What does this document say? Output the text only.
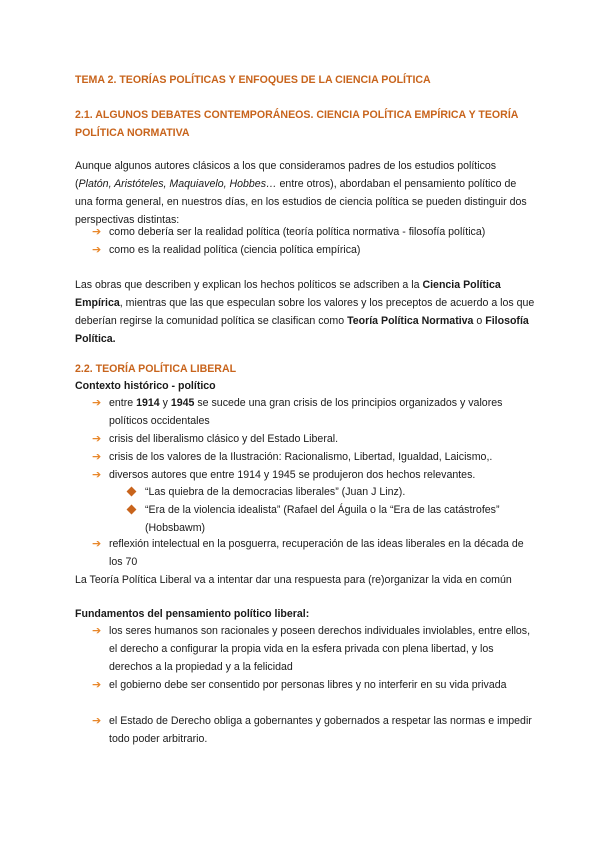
TEMA 2. TEORÍAS POLÍTICAS Y ENFOQUES DE LA CIENCIA POLÍTICA
2.1. ALGUNOS DEBATES CONTEMPORÁNEOS. CIENCIA POLÍTICA EMPÍRICA Y TEORÍA POLÍTICA NORMATIVA
Aunque algunos autores clásicos a los que consideramos padres de los estudios políticos (Platón, Aristóteles, Maquiavelo, Hobbes… entre otros), abordaban el pensamiento político de una forma general, en nuestros días, en los estudios de ciencia política se pueden distinguir dos perspectivas distintas:
➔ como debería ser la realidad política (teoría política normativa - filosofía política)
➔ como es la realidad política (ciencia política empírica)
Las obras que describen y explican los hechos políticos se adscriben a la Ciencia Política Empírica, mientras que las que especulan sobre los valores y los preceptos de acuerdo a los que deberían regirse la comunidad política se clasifican como Teoría Política Normativa o Filosofía Política.
2.2. TEORÍA POLÍTICA LIBERAL
Contexto histórico - político
➔ entre 1914 y 1945 se sucede una gran crisis de los principios organizados y valores políticos occidentales
➔ crisis del liberalismo clásico y del Estado Liberal.
➔ crisis de los valores de la Ilustración: Racionalismo, Libertad, Igualdad, Laicismo,.
➔ diversos autores que entre 1914 y 1945 se produjeron dos hechos relevantes.
“Las quiebra de la democracias liberales” (Juan J Linz).
“Era de la violencia idealista” (Rafael del Águila o la “Era de las catástrofes” (Hobsbawm)
➔ reflexión intelectual en la posguerra, recuperación de las ideas liberales en la década de los 70
La Teoría Política Liberal va a intentar dar una respuesta para (re)organizar la vida en común
Fundamentos del pensamiento político liberal:
➔ los seres humanos son racionales y poseen derechos individuales inviolables, entre ellos, el derecho a configurar la propia vida en la esfera privada con plena libertad, y los derechos a la propiedad y a la felicidad
➔ el gobierno debe ser consentido por personas libres y no interferir en su vida privada
➔ el Estado de Derecho obliga a gobernantes y gobernados a respetar las normas e impedir todo poder arbitrario.
